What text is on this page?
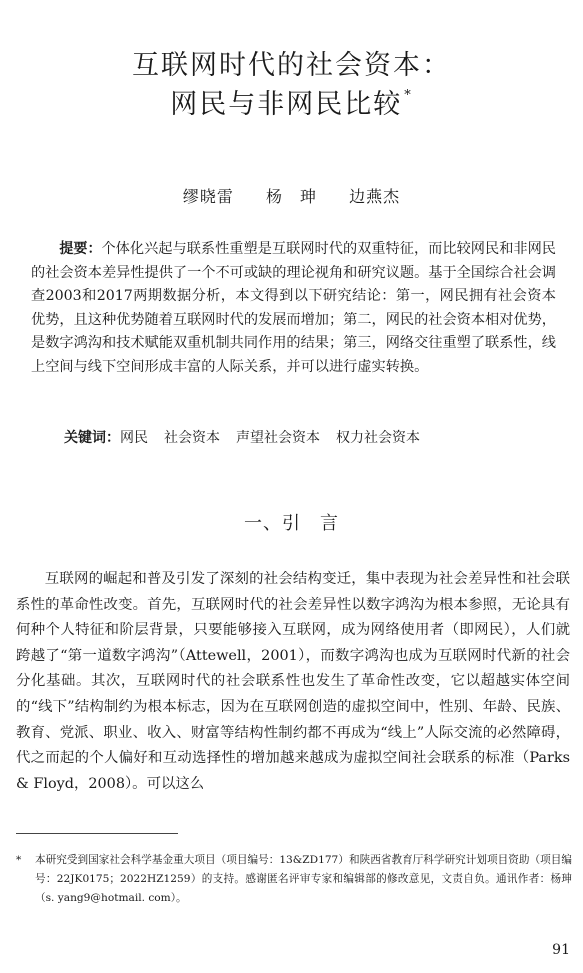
互联网时代的社会资本：
网民与非网民比较 *
缪晓雷 杨　珅 边燕杰
提要：个体化兴起与联系性重塑是互联网时代的双重特征，而比较网民和非网民的社会资本差异性提供了一个不可或缺的理论视角和研究议题。基于全国综合社会调查2003和2017两期数据分析，本文得到以下研究结论：第一，网民拥有社会资本优势，且这种优势随着互联网时代的发展而增加；第二，网民的社会资本相对优势，是数字鸿沟和技术赋能双重机制共同作用的结果；第三，网络交往重塑了联系性，线上空间与线下空间形成丰富的人际关系，并可以进行虚实转换。
关键词：网民 社会资本 声望社会资本 权力社会资本
一、引　言
互联网的崛起和普及引发了深刻的社会结构变迁，集中表现为社会差异性和社会联系性的革命性改变。首先，互联网时代的社会差异性以数字鸿沟为根本参照，无论具有何种个人特征和阶层背景，只要能够接入互联网，成为网络使用者（即网民），人们就跨越了“第一道数字鸿沟”（Attewell，2001），而数字鸿沟也成为互联网时代新的社会分化基础。其次，互联网时代的社会联系性也发生了革命性改变，它以超越实体空间的“线下”结构制约为根本标志，因为在互联网创造的虚拟空间中，性别、年龄、民族、教育、党派、职业、收入、财富等结构性制约都不再成为“线上”人际交流的必然障碍，代之而起的个人偏好和互动选择性的增加越来越成为虚拟空间社会联系的标准（Parks & Floyd，2008）。可以这么
* 本研究受到国家社会科学基金重大项目（项目编号：13&ZD177）和陕西省教育厅科学研究计划项目资助（项目编号：22JK0175；2022HZ1259）的支持。感谢匿名评审专家和编辑部的修改意见，文责自负。通讯作者：杨珅（s. yang9@hotmail. com）。
91
